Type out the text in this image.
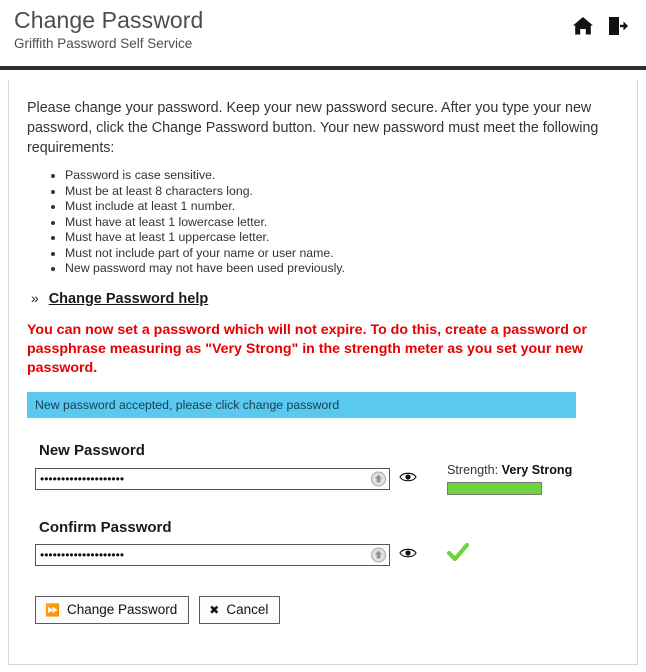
Change Password
Griffith Password Self Service
Please change your password. Keep your new password secure. After you type your new password, click the Change Password button. Your new password must meet the following requirements:
• Password is case sensitive.
• Must be at least 8 characters long.
• Must include at least 1 number.
• Must have at least 1 lowercase letter.
• Must have at least 1 uppercase letter.
• Must not include part of your name or user name.
• New password may not have been used previously.
» Change Password help
You can now set a password which will not expire. To do this, create a password or passphrase measuring as "Very Strong" in the strength meter as you set your new password.
New password accepted, please click change password
New Password
••••••••••••••••••••
Strength: Very Strong
Confirm Password
••••••••••••••••••••
⏩ Change Password	✖ Cancel
